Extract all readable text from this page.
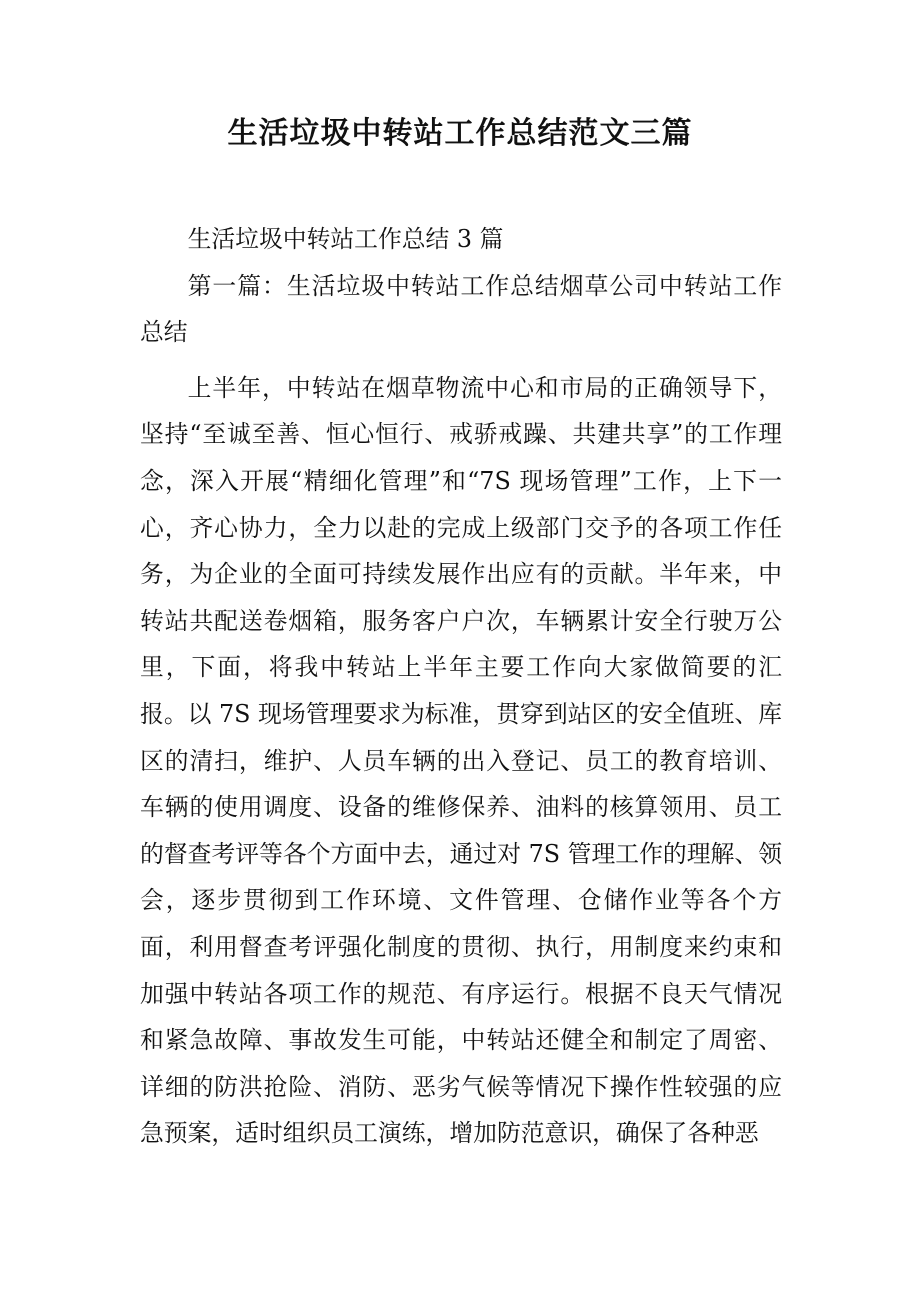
生活垃圾中转站工作总结范文三篇

生活垃圾中转站工作总结 3 篇

第一篇：生活垃圾中转站工作总结烟草公司中转站工作总结

上半年，中转站在烟草物流中心和市局的正确领导下，坚持“至诚至善、恒心恒行、戒骄戒躁、共建共享”的工作理念，深入开展“精细化管理”和“7S 现场管理”工作，上下一心，齐心协力，全力以赴的完成上级部门交予的各项工作任务，为企业的全面可持续发展作出应有的贡献。半年来，中转站共配送卷烟箱，服务客户户次，车辆累计安全行驶万公里，下面，将我中转站上半年主要工作向大家做简要的汇报。以 7S 现场管理要求为标准，贯穿到站区的安全值班、库区的清扫，维护、人员车辆的出入登记、员工的教育培训、车辆的使用调度、设备的维修保养、油料的核算领用、员工的督查考评等各个方面中去，通过对 7S 管理工作的理解、领会，逐步贯彻到工作环境、文件管理、仓储作业等各个方面，利用督查考评强化制度的贯彻、执行，用制度来约束和加强中转站各项工作的规范、有序运行。根据不良天气情况和紧急故障、事故发生可能，中转站还健全和制定了周密、详细的防洪抢险、消防、恶劣气候等情况下操作性较强的应急预案，适时组织员工演练，增加防范意识，确保了各种恶
